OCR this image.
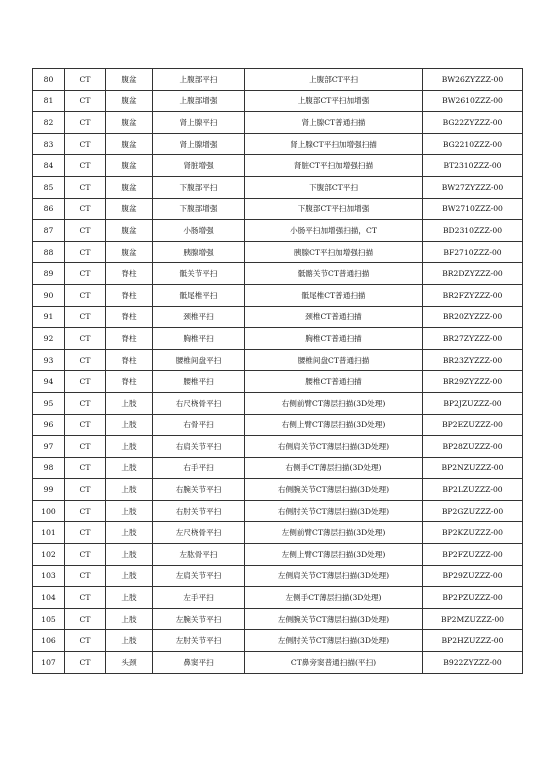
80	CT	腹盆	上腹部平扫	上腹部CT平扫	BW26ZYZZZ-00
81	CT	腹盆	上腹部增强	上腹部CT平扫加增强	BW2610ZZZ-00
82	CT	腹盆	肾上腺平扫	肾上腺CT普通扫描	BG22ZYZZZ-00
83	CT	腹盆	肾上腺增强	肾上腺CT平扫加增强扫描	BG2210ZZZ-00
84	CT	腹盆	肾脏增强	肾脏CT平扫加增强扫描	BT2310ZZZ-00
85	CT	腹盆	下腹部平扫	下腹部CT平扫	BW27ZYZZZ-00
86	CT	腹盆	下腹部增强	下腹部CT平扫加增强	BW2710ZZZ-00
87	CT	腹盆	小肠增强	小肠平扫加增强扫描，CT	BD2310ZZZ-00
88	CT	腹盆	胰腺增强	胰腺CT平扫加增强扫描	BF2710ZZZ-00
89	CT	脊柱	骶关节平扫	骶髂关节CT普通扫描	BR2DZYZZZ-00
90	CT	脊柱	骶尾椎平扫	骶尾椎CT普通扫描	BR2FZYZZZ-00
91	CT	脊柱	颈椎平扫	颈椎CT普通扫描	BR20ZYZZZ-00
92	CT	脊柱	胸椎平扫	胸椎CT普通扫描	BR27ZYZZZ-00
93	CT	脊柱	腰椎间盘平扫	腰椎间盘CT普通扫描	BR23ZYZZZ-00
94	CT	脊柱	腰椎平扫	腰椎CT普通扫描	BR29ZYZZZ-00
95	CT	上肢	右尺桡骨平扫	右侧前臂CT薄层扫描(3D处理)	BP2JZUZZZ-00
96	CT	上肢	右骨平扫	右侧上臂CT薄层扫描(3D处理)	BP2EZUZZZ-00
97	CT	上肢	右肩关节平扫	右侧肩关节CT薄层扫描(3D处理)	BP28ZUZZZ-00
98	CT	上肢	右手平扫	右侧手CT薄层扫描(3D处理)	BP2NZUZZZ-00
99	CT	上肢	右腕关节平扫	右侧腕关节CT薄层扫描(3D处理)	BP2LZUZZZ-00
100	CT	上肢	右肘关节平扫	右侧肘关节CT薄层扫描(3D处理)	BP2GZUZZZ-00
101	CT	上肢	左尺桡骨平扫	左侧前臂CT薄层扫描(3D处理)	BP2KZUZZZ-00
102	CT	上肢	左肱骨平扫	左侧上臂CT薄层扫描(3D处理)	BP2FZUZZZ-00
103	CT	上肢	左肩关节平扫	左侧肩关节CT薄层扫描(3D处理)	BP29ZUZZZ-00
104	CT	上肢	左手平扫	左侧手CT薄层扫描(3D处理)	BP2PZUZZZ-00
105	CT	上肢	左腕关节平扫	左侧腕关节CT薄层扫描(3D处理)	BP2MZUZZZ-00
106	CT	上肢	左肘关节平扫	左侧肘关节CT薄层扫描(3D处理)	BP2HZUZZZ-00
107	CT	头颈	鼻窦平扫	CT鼻旁窦普通扫描(平扫)	B922ZYZZZ-00
